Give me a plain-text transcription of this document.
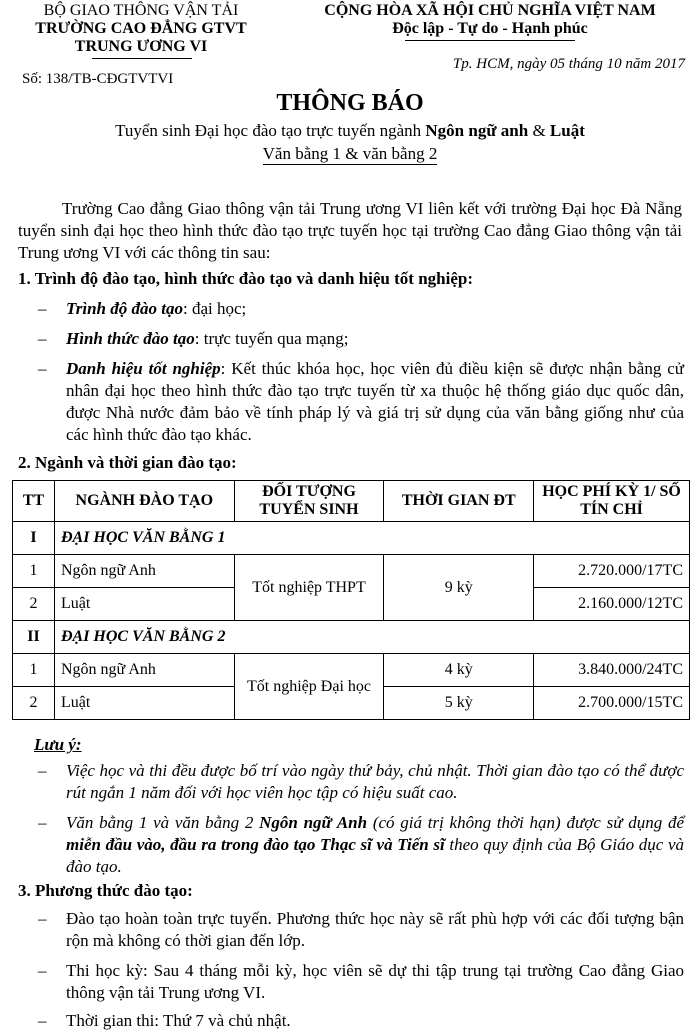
BỘ GIAO THÔNG VẬN TẢI
TRƯỜNG CAO ĐẲNG GTVT
TRUNG ƯƠNG VI
Số: 138/TB-CĐGTVTVI
CỘNG HÒA XÃ HỘI CHỦ NGHĨA VIỆT NAM
Độc lập - Tự do - Hạnh phúc
Tp. HCM, ngày 05 tháng 10 năm 2017
THÔNG BÁO
Tuyển sinh Đại học đào tạo trực tuyến ngành Ngôn ngữ anh & Luật
Văn bằng 1 & văn bằng 2
Trường Cao đẳng Giao thông vận tải Trung ương VI liên kết với trường Đại học Đà Nẵng tuyển sinh đại học theo hình thức đào tạo trực tuyến học tại trường Cao đẳng Giao thông vận tải Trung ương VI với các thông tin sau:
1. Trình độ đào tạo, hình thức đào tạo và danh hiệu tốt nghiệp:
– Trình độ đào tạo: đại học;
– Hình thức đào tạo: trực tuyến qua mạng;
– Danh hiệu tốt nghiệp: Kết thúc khóa học, học viên đủ điều kiện sẽ được nhận bằng cử nhân đại học theo hình thức đào tạo trực tuyến từ xa thuộc hệ thống giáo dục quốc dân, được Nhà nước đảm bảo về tính pháp lý và giá trị sử dụng của văn bằng giống như của các hình thức đào tạo khác.
2. Ngành và thời gian đào tạo:
TT	NGÀNH ĐÀO TẠO	ĐỐI TƯỢNG TUYỂN SINH	THỜI GIAN ĐT	HỌC PHÍ KỲ 1/ SỐ TÍN CHỈ
I	ĐẠI HỌC VĂN BẰNG 1			
1	Ngôn ngữ Anh	Tốt nghiệp THPT	9 kỳ	2.720.000/17TC
2	Luật			2.160.000/12TC
II	ĐẠI HỌC VĂN BẰNG 2			
1	Ngôn ngữ Anh	Tốt nghiệp Đại học	4 kỳ	3.840.000/24TC
2	Luật		5 kỳ	2.700.000/15TC
Lưu ý:
– Việc học và thi đều được bố trí vào ngày thứ bảy, chủ nhật. Thời gian đào tạo có thể được rút ngắn 1 năm đối với học viên học tập có hiệu suất cao.
– Văn bằng 1 và văn bằng 2 Ngôn ngữ Anh (có giá trị không thời hạn) được sử dụng để miễn đầu vào, đầu ra trong đào tạo Thạc sĩ và Tiến sĩ theo quy định của Bộ Giáo dục và đào tạo.
3. Phương thức đào tạo:
– Đào tạo hoàn toàn trực tuyến. Phương thức học này sẽ rất phù hợp với các đối tượng bận rộn mà không có thời gian đến lớp.
– Thi học kỳ: Sau 4 tháng mỗi kỳ, học viên sẽ dự thi tập trung tại trường Cao đẳng Giao thông vận tải Trung ương VI.
– Thời gian thi: Thứ 7 và chủ nhật.
